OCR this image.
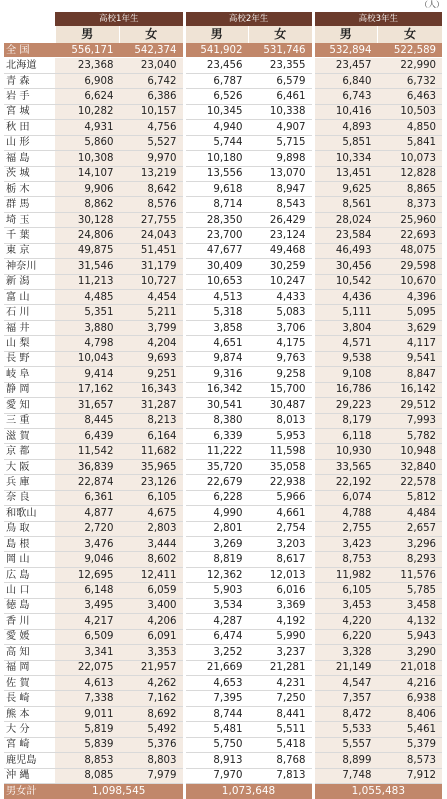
（人）
	高校1年生		高校2年生		高校3年生	
	男	女	男	女	男	女
全 国	556,171	542,374	541,902	531,746	532,894	522,589
北海道	23,368	23,040	23,456	23,355	23,457	22,990
青 森	6,908	6,742	6,787	6,579	6,840	6,732
岩 手	6,624	6,386	6,526	6,461	6,743	6,463
宮 城	10,282	10,157	10,345	10,338	10,416	10,503
秋 田	4,931	4,756	4,940	4,907	4,893	4,850
山 形	5,860	5,527	5,744	5,715	5,851	5,841
福 島	10,308	9,970	10,180	9,898	10,334	10,073
茨 城	14,107	13,219	13,556	13,070	13,451	12,828
栃 木	9,906	8,642	9,618	8,947	9,625	8,865
群 馬	8,862	8,576	8,714	8,543	8,561	8,373
埼 玉	30,128	27,755	28,350	26,429	28,024	25,960
千 葉	24,806	24,043	23,700	23,124	23,584	22,693
東 京	49,875	51,451	47,677	49,468	46,493	48,075
神奈川	31,546	31,179	30,409	30,259	30,456	29,598
新 潟	11,213	10,727	10,653	10,247	10,542	10,670
富 山	4,485	4,454	4,513	4,433	4,436	4,396
石 川	5,351	5,211	5,318	5,083	5,111	5,095
福 井	3,880	3,799	3,858	3,706	3,804	3,629
山 梨	4,798	4,204	4,651	4,175	4,571	4,117
長 野	10,043	9,693	9,874	9,763	9,538	9,541
岐 阜	9,414	9,251	9,316	9,258	9,108	8,847
静 岡	17,162	16,343	16,342	15,700	16,786	16,142
愛 知	31,657	31,287	30,541	30,487	29,223	29,512
三 重	8,445	8,213	8,380	8,013	8,179	7,993
滋 賀	6,439	6,164	6,339	5,953	6,118	5,782
京 都	11,542	11,682	11,222	11,598	10,930	10,948
大 阪	36,839	35,965	35,720	35,058	33,565	32,840
兵 庫	22,874	23,126	22,679	22,938	22,192	22,578
奈 良	6,361	6,105	6,228	5,966	6,074	5,812
和歌山	4,877	4,675	4,990	4,661	4,788	4,484
鳥 取	2,720	2,803	2,801	2,754	2,755	2,657
島 根	3,476	3,444	3,269	3,203	3,423	3,296
岡 山	9,046	8,602	8,819	8,617	8,753	8,293
広 島	12,695	12,411	12,362	12,013	11,982	11,576
山 口	6,148	6,059	5,903	6,016	6,105	5,785
徳 島	3,495	3,400	3,534	3,369	3,453	3,458
香 川	4,217	4,206	4,287	4,192	4,220	4,132
愛 媛	6,509	6,091	6,474	5,990	6,220	5,943
高 知	3,341	3,353	3,252	3,237	3,328	3,290
福 岡	22,075	21,957	21,669	21,281	21,149	21,018
佐 賀	4,613	4,262	4,653	4,231	4,547	4,216
長 崎	7,338	7,162	7,395	7,250	7,357	6,938
熊 本	9,011	8,692	8,744	8,441	8,472	8,406
大 分	5,819	5,492	5,481	5,511	5,533	5,461
宮 崎	5,839	5,376	5,750	5,418	5,557	5,379
鹿児島	8,853	8,803	8,913	8,768	8,899	8,573
沖 縄	8,085	7,979	7,970	7,813	7,748	7,912
男女計	1,098,545		1,073,648		1,055,483	
